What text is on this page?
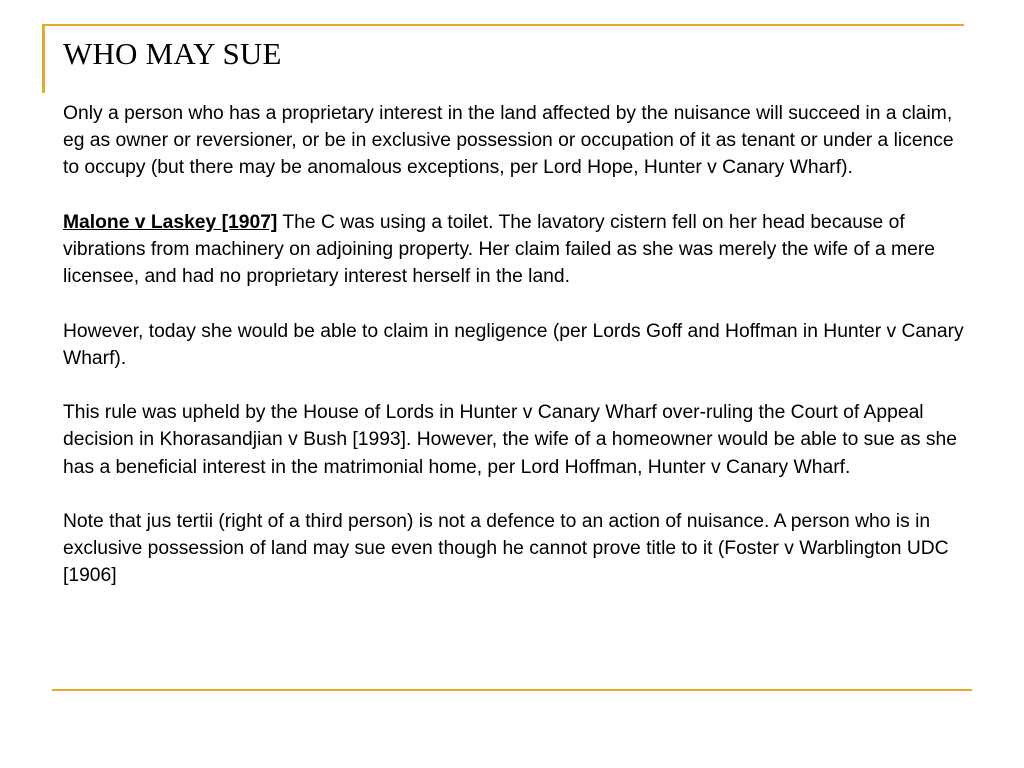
WHO MAY SUE

Only a person who has a proprietary interest in the land affected by the nuisance will succeed in a claim, eg as owner or reversioner, or be in exclusive possession or occupation of it as tenant or under a licence to occupy (but there may be anomalous exceptions, per Lord Hope, Hunter v Canary Wharf).

Malone v Laskey [1907] The C was using a toilet. The lavatory cistern fell on her head because of vibrations from machinery on adjoining property. Her claim failed as she was merely the wife of a mere licensee, and had no proprietary interest herself in the land.

However, today she would be able to claim in negligence (per Lords Goff and Hoffman in Hunter v Canary Wharf).

This rule was upheld by the House of Lords in Hunter v Canary Wharf over-ruling the Court of Appeal decision in Khorasandjian v Bush [1993]. However, the wife of a homeowner would be able to sue as she has a beneficial interest in the matrimonial home, per Lord Hoffman, Hunter v Canary Wharf.

Note that jus tertii (right of a third person) is not a defence to an action of nuisance. A person who is in exclusive possession of land may sue even though he cannot prove title to it (Foster v Warblington UDC [1906]
